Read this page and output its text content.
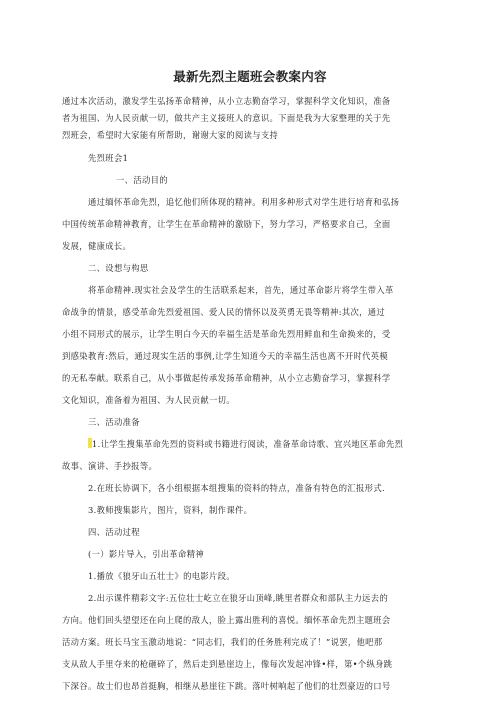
最新先烈主题班会教案内容
通过本次活动，激发学生弘扬革命精神，从小立志勤奋学习，掌握科学文化知识，准备
者为祖国、为人民贡献一切，做共产主义接班人的意识。下面是我为大家整理的关于先
烈班会，希望时大家能有所帮助，谢谢大家的阅读与支持
先烈班会1
一、活动目的
通过缅怀革命先烈，追忆他们所体现的精神。利用多种形式对学生进行培育和弘扬
中国传统革命精神教育，让学生在革命精神的激励下，努力学习，严格要求自己，全面
发展，健康成长。
二、设想与构思
将革命精神.现实社会及学生的生活联系起来，首先，通过革命影片将学生带入革
命战争的情景，感受革命先烈爱祖国、爱人民的情怀以及英勇无畏等精神:其次，通过
小组不同形式的展示，让学生明白今天的幸福生活是革命先烈用鲜血和生命换来的，受
到感染教育:然后，通过现实生活的事例,让学生知道今天的幸福生活也离不开时代英模
的无私奉献。联系自己，从小事做起传承发扬革命精神，从小立志勤奋学习，掌握科学
文化知识，准备着为祖国、为人民贡献一切。
三、活动准备
1.让学生搜集革命先烈的资料或书籍进行阅读，准备革命诗歌、宜兴地区革命先烈
故事、演讲、手抄报等。
2.在班长协调下，各小组根据本组搜集的资料的特点，准备有特色的汇报形式.
3.教师搜集影片，图片，资料，制作课件。
四、活动过程
(一）影片导入，引出革命精神
1.播放《狼牙山五壮士》的电影片段。
2.出示课件精彩文字:五位壮士屹立在狼牙山顶峰,眺里者群众和部队主力远去的
方向。他们回头望望还在向上爬的敌人，脸上露出胜利的喜悦。缅怀革命先烈主题班会
活动方案。班长马宝玉激动地说：“同志们，我们的任务胜利完成了！”说罢，他吧那
支从敌人手里夺来的枪砸碎了，然后走到悬崖边上，像每次发起冲锋•样，第•个纵身跳
下深谷。故士们也昂首挺胸，相继从悬崖往下跳。落叶树响起了他们的壮烈豪迈的口号
